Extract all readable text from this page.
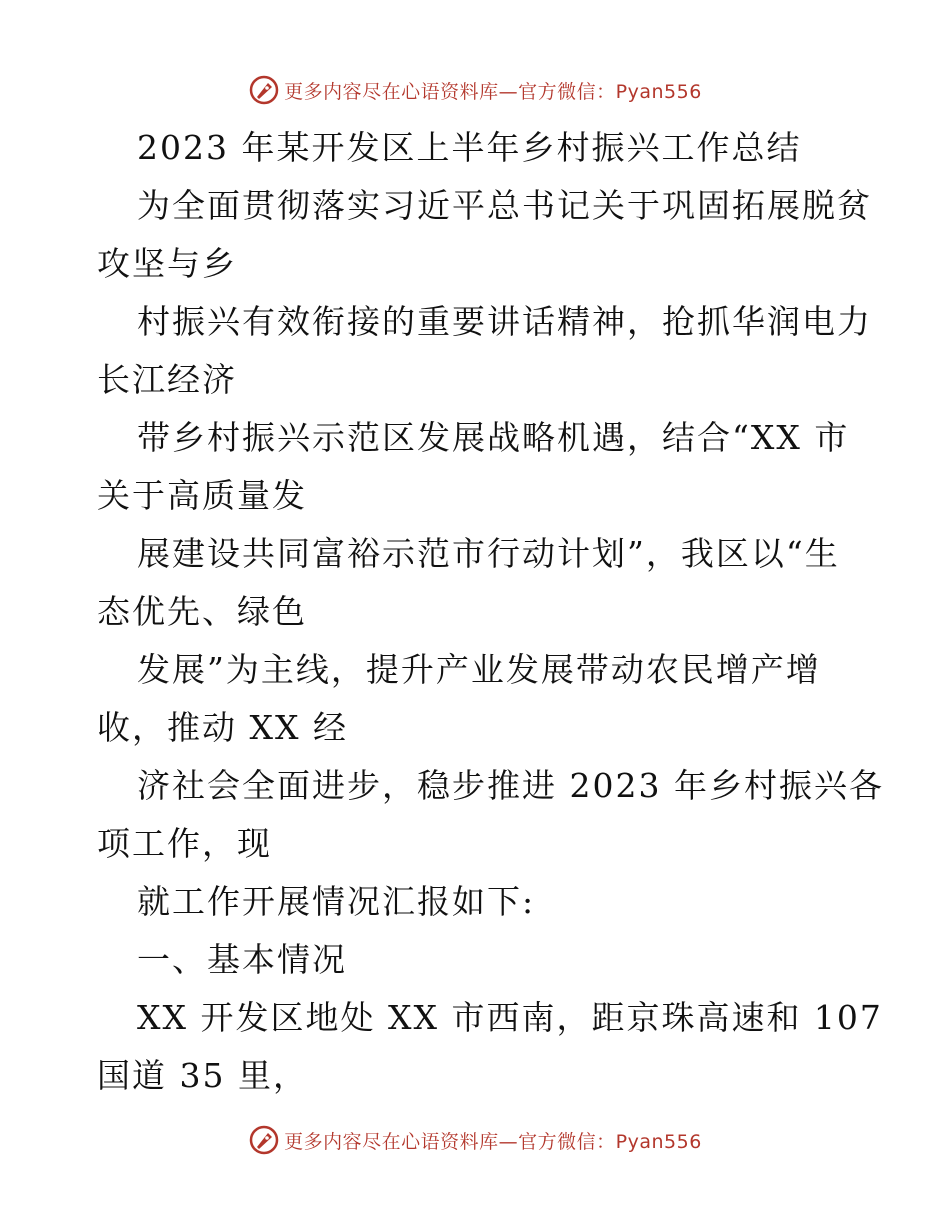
更多内容尽在心语资料库—官方微信：Pyan556
2023 年某开发区上半年乡村振兴工作总结
为全面贯彻落实习近平总书记关于巩固拓展脱贫
攻坚与乡
村振兴有效衔接的重要讲话精神，抢抓华润电力
长江经济
带乡村振兴示范区发展战略机遇，结合“XX 市
关于高质量发
展建设共同富裕示范市行动计划”，我区以“生
态优先、绿色
发展”为主线，提升产业发展带动农民增产增
收，推动 XX 经
济社会全面进步，稳步推进 2023 年乡村振兴各
项工作，现
就工作开展情况汇报如下:
一、基本情况
XX 开发区地处 XX 市西南，距京珠高速和 107
国道 35 里，
更多内容尽在心语资料库—官方微信：Pyan556
